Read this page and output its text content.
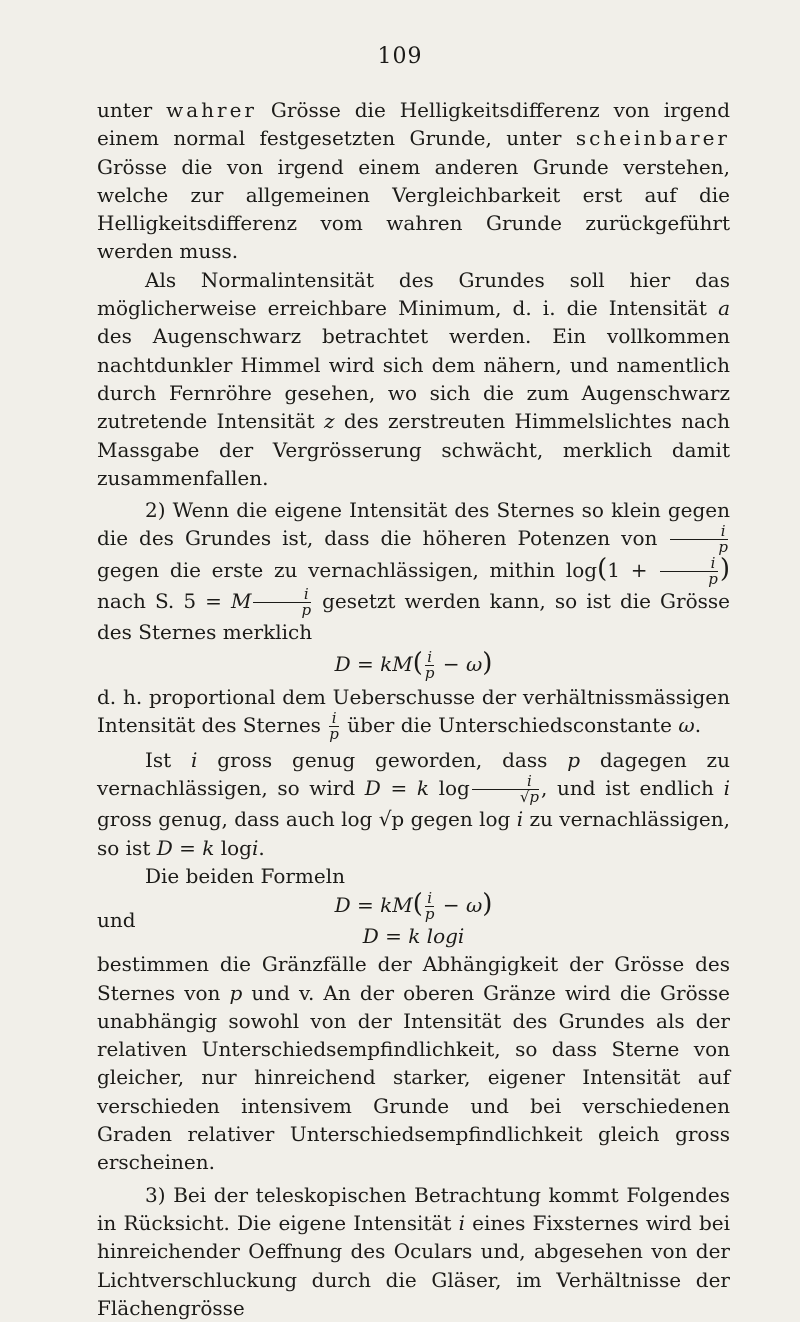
109

unter wahrer Grösse die Helligkeitsdifferenz von irgend einem normal festgesetzten Grunde, unter scheinbarer Grösse die von irgend einem anderen Grunde verstehen, welche zur allgemeinen Vergleichbarkeit erst auf die Helligkeitsdifferenz vom wahren Grunde zurückgeführt werden muss.

Als Normalintensität des Grundes soll hier das möglicherweise erreichbare Minimum, d. i. die Intensität a des Augenschwarz betrachtet werden. Ein vollkommen nachtdunkler Himmel wird sich dem nähern, und namentlich durch Fernröhre gesehen, wo sich die zum Augenschwarz zutretende Intensität z des zerstreuten Himmelslichtes nach Massgabe der Vergrösserung schwächt, merklich damit zusammenfallen.

2) Wenn die eigene Intensität des Sternes so klein gegen die des Grundes ist, dass die höheren Potenzen von $\frac{i}{p}$
gegen die erste zu vernachlässigen, mithin $\log(1 + \frac{i}{p}$ ) nach S. 5 = M $\frac{i}{p}$ gesetzt werden kann, so ist die Grösse des Sternes merklich

$D = kM( \frac{i}{p} - \omega)$

d. h. proportional dem Ueberschusse der verhältnissmässigen Intensität des Sternes $\frac{i}{p}$ über die Unterschiedsconstante ω.

Ist i gross genug geworden, dass p dagegen zu vernachlässigen, so wird D = k $\log \frac{i}{√p}$ , und ist endlich i gross genug, dass auch log √p gegen log i zu vernachlässigen, so ist D = k logi.

Die beiden Formeln

und
$D = kM( \frac{i}{p} - \omega)$
D = k logi

bestimmen die Gränzfälle der Abhängigkeit der Grösse des Sternes von p und v. An der oberen Gränze wird die Grösse unabhängig sowohl von der Intensität des Grundes als der relativen Unterschiedsempfindlichkeit, so dass Sterne von gleicher, nur hinreichend starker, eigener Intensität auf verschieden intensivem Grunde und bei verschiedenen Graden relativer Unterschiedsempfindlichkeit gleich gross erscheinen.

3) Bei der teleskopischen Betrachtung kommt Folgendes in Rücksicht. Die eigene Intensität i eines Fixsternes wird bei hinreichender Oeffnung des Oculars und, abgesehen von der Lichtverschluckung durch die Gläser, im Verhältnisse der Flächengrösse
